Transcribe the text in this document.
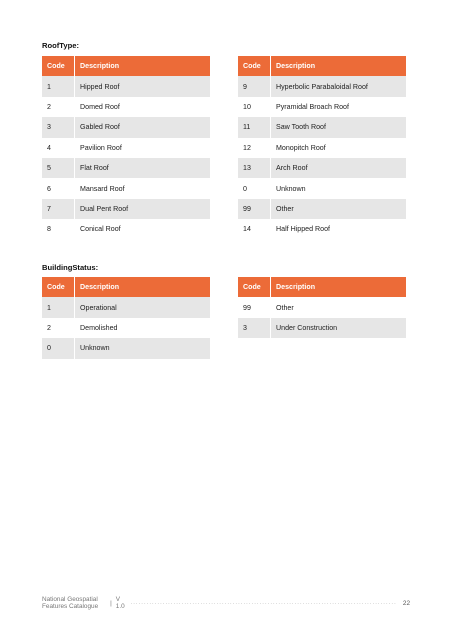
RoofType:
Code	Description
1	Hipped Roof
2	Domed Roof
3	Gabled Roof
4	Pavilion Roof
5	Flat Roof
6	Mansard Roof
7	Dual Pent Roof
8	Conical Roof
Code	Description
9	Hyperbolic Parabaloidal Roof
10	Pyramidal Broach Roof
11	Saw Tooth Roof
12	Monopitch Roof
13	Arch Roof
0	Unknown
99	Other
14	Half Hipped Roof
BuildingStatus:
Code	Description
1	Operational
2	Demolished
0	Unknown
Code	Description
99	Other
3	Under Construction
National Geospatial Features Catalogue	| V 1.0 ................................................................................................... 22
